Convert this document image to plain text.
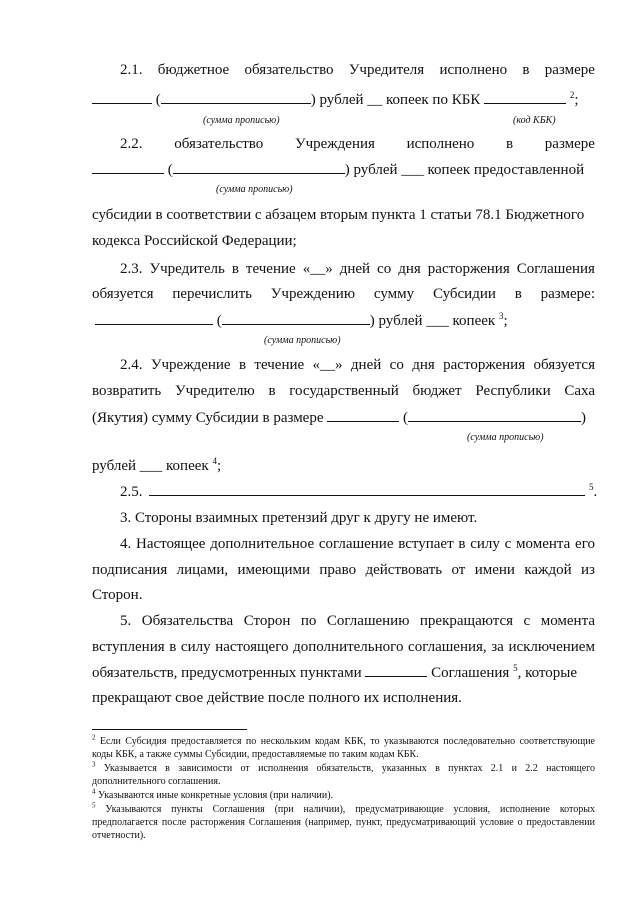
2.1. бюджетное обязательство Учредителя исполнено в размере
(	) рублей __ копеек по КБК	$^2$;
(сумма прописью)	(код КБК)
2.2. обязательство Учреждения исполнено в размере
(	) рублей ___ копеек предоставленной
(сумма прописью)
субсидии в соответствии с абзацем вторым пункта 1 статьи 78.1 Бюджетного
кодекса Российской Федерации;
2.3. Учредитель в течение «__» дней со дня расторжения Соглашения
обязуется перечислить Учреждению сумму Субсидии в размере:
(	) рублей ___ копеек $^3$;
(сумма прописью)
2.4. Учреждение в течение «__» дней со дня расторжения обязуется
возвратить Учредителю в государственный бюджет Республики Саха
(Якутия) сумму Субсидии в размере	(	)
(сумма прописью)
рублей ___ копеек $^4$;
2.5.	$^5$.
3. Стороны взаимных претензий друг к другу не имеют.
4. Настоящее дополнительное соглашение вступает в силу с момента его
подписания лицами, имеющими право действовать от имени каждой из
Сторон.
5. Обязательства Сторон по Соглашению прекращаются с момента
вступления в силу настоящего дополнительного соглашения, за исключением
обязательств, предусмотренных пунктами	Соглашения $^5$, которые
прекращают свое действие после полного их исполнения.
$^2$ Если Субсидия предоставляется по нескольким кодам КБК, то указываются последовательно соответствующие коды КБК, а также суммы Субсидии, предоставляемые по таким кодам КБК.
$^3$ Указывается в зависимости от исполнения обязательств, указанных в пунктах 2.1 и 2.2 настоящего дополнительного соглашения.
$^4$ Указываются иные конкретные условия (при наличии).
$^5$ Указываются пункты Соглашения (при наличии), предусматривающие условия, исполнение которых предполагается после расторжения Соглашения (например, пункт, предусматривающий условие о предоставлении отчетности).
